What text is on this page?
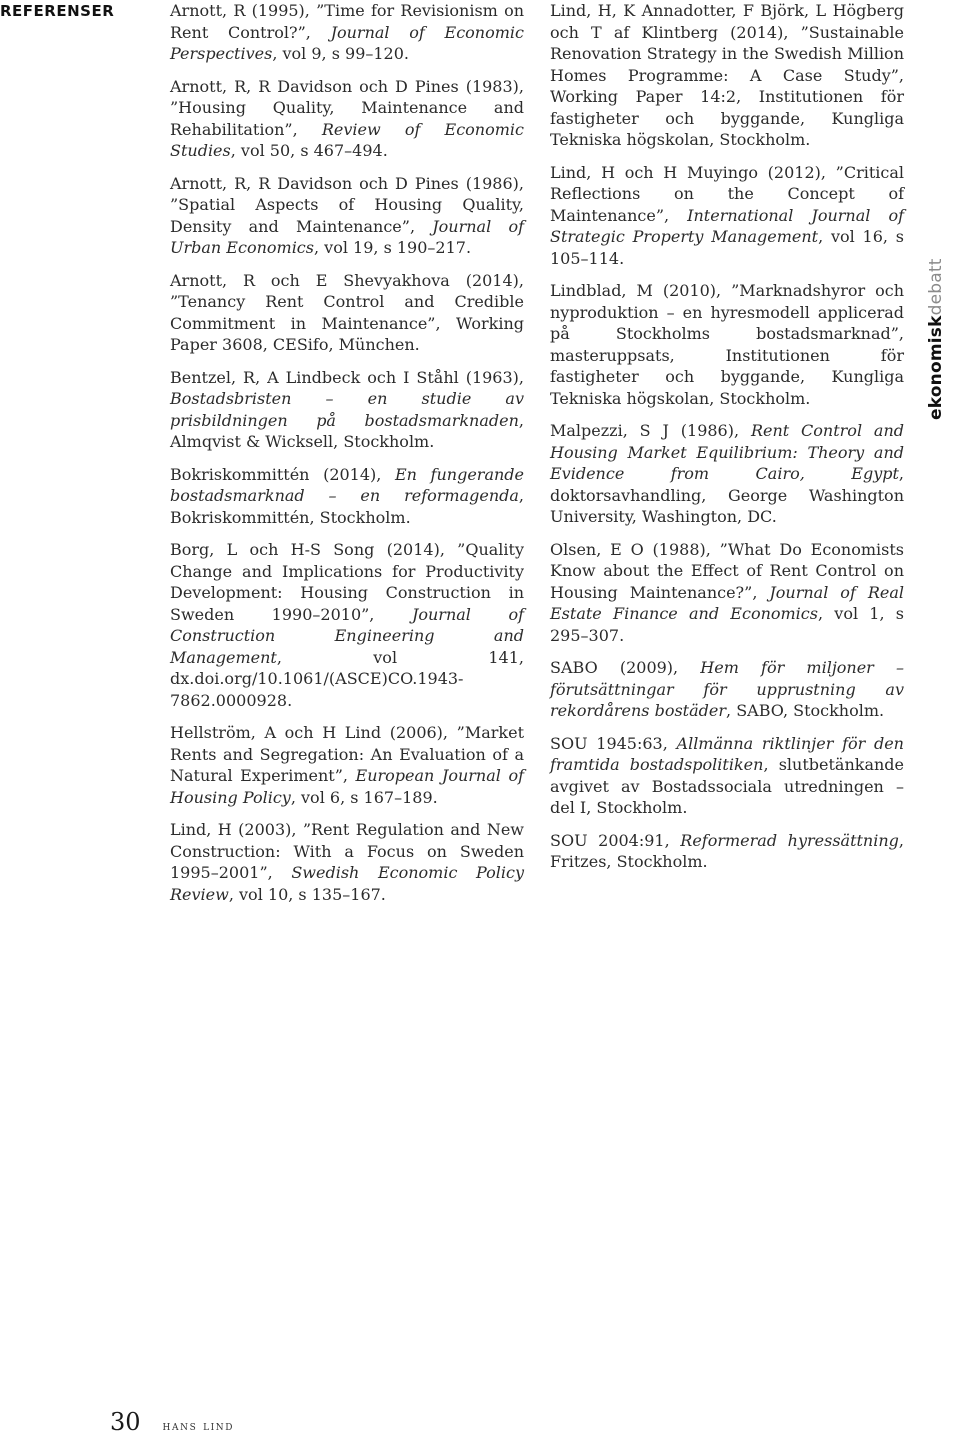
REFERENSER	Arnott, R (1995), ”Time for Revisionism on Rent Control?”, Journal of Economic Perspectives, vol 9, s 99–120.

Arnott, R, R Davidson och D Pines (1983), ”Housing Quality, Maintenance and Rehabilitation”, Review of Economic Studies, vol 50, s 467–494.

Arnott, R, R Davidson och D Pines (1986), ”Spatial Aspects of Housing Quality, Density and Maintenance”, Journal of Urban Economics, vol 19, s 190–217.

Arnott, R och E Shevyakhova (2014), ”Tenancy Rent Control and Credible Commitment in Maintenance”, Working Paper 3608, CESifo, München.

Bentzel, R, A Lindbeck och I Ståhl (1963), Bostadsbristen – en studie av prisbildningen på bostadsmarknaden, Almqvist & Wicksell, Stockholm.

Bokriskommittén (2014), En fungerande bostadsmarknad – en reformagenda, Bokriskommittén, Stockholm.

Borg, L och H-S Song (2014), ”Quality Change and Implications for Productivity Development: Housing Construction in Sweden 1990–2010”, Journal of Construction Engineering and Management, vol 141, dx.doi.org/10.1061/(ASCE)CO.1943-7862.0000928.

Hellström, A och H Lind (2006), ”Market Rents and Segregation: An Evaluation of a Natural Experiment”, European Journal of Housing Policy, vol 6, s 167–189.

Lind, H (2003), ”Rent Regulation and New Construction: With a Focus on Sweden 1995–2001”, Swedish Economic Policy Review, vol 10, s 135–167.

Lind, H, K Annadotter, F Björk, L Högberg och T af Klintberg (2014), ”Sustainable Renovation Strategy in the Swedish Million Homes Programme: A Case Study”, Working Paper 14:2, Institutionen för fastigheter och byggande, Kungliga Tekniska högskolan, Stockholm.

Lind, H och H Muyingo (2012), ”Critical Reflections on the Concept of Maintenance”, International Journal of Strategic Property Management, vol 16, s 105–114.

Lindblad, M (2010), ”Marknadshyror och nyproduktion – en hyresmodell applicerad på Stockholms bostadsmarknad”, masteruppsats, Institutionen för fastigheter och byggande, Kungliga Tekniska högskolan, Stockholm.

Malpezzi, S J (1986), Rent Control and Housing Market Equilibrium: Theory and Evidence from Cairo, Egypt, doktorsavhandling, George Washington University, Washington, DC.

Olsen, E O (1988), ”What Do Economists Know about the Effect of Rent Control on Housing Maintenance?”, Journal of Real Estate Finance and Economics, vol 1, s 295–307.

SABO (2009), Hem för miljoner – förutsättningar för upprustning av rekordårens bostäder, SABO, Stockholm.

SOU 1945:63, Allmänna riktlinjer för den framtida bostadspolitiken, slutbetänkande avgivet av Bostadssociala utredningen – del I, Stockholm.

SOU 2004:91, Reformerad hyressättning, Fritzes, Stockholm.

ekonomiskdebatt
30 hans lind
